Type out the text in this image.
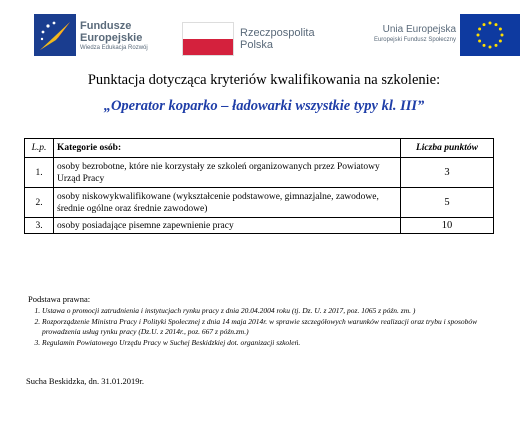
Fundusze
Europejskie
Wiedza Edukacja Rozwój
Rzeczpospolita
Polska
Unia Europejska
Europejski Fundusz Społeczny
Punktacja dotycząca kryteriów kwalifikowania na szkolenie:
„Operator koparko – ładowarki wszystkie typy kl. III”
L.p.	Kategorie osób:	Liczba punktów
1.	osoby bezrobotne, które nie korzystały ze szkoleń organizowanych przez Powiatowy Urząd Pracy	3
2.	osoby niskowykwalifikowane (wykształcenie podstawowe, gimnazjalne, zawodowe, średnie ogólne oraz średnie zawodowe)	5
3.	osoby posiadające pisemne zapewnienie pracy	10
Podstawa prawna:
1. Ustawa o promocji zatrudnienia i instytucjach rynku pracy z dnia 20.04.2004 roku (tj. Dz. U. z 2017, poz. 1065 z późn. zm. )
2. Rozporządzenie Ministra Pracy i Polityki Społecznej z dnia 14 maja 2014r. w sprawie szczegółowych warunków realizacji oraz trybu i sposobów prowadzenia usług rynku pracy (Dz.U. z 2014r., poz. 667 z późn.zm.)
3. Regulamin Powiatowego Urzędu Pracy w Suchej Beskidzkiej dot. organizacji szkoleń.
Sucha Beskidzka, dn. 31.01.2019r.
